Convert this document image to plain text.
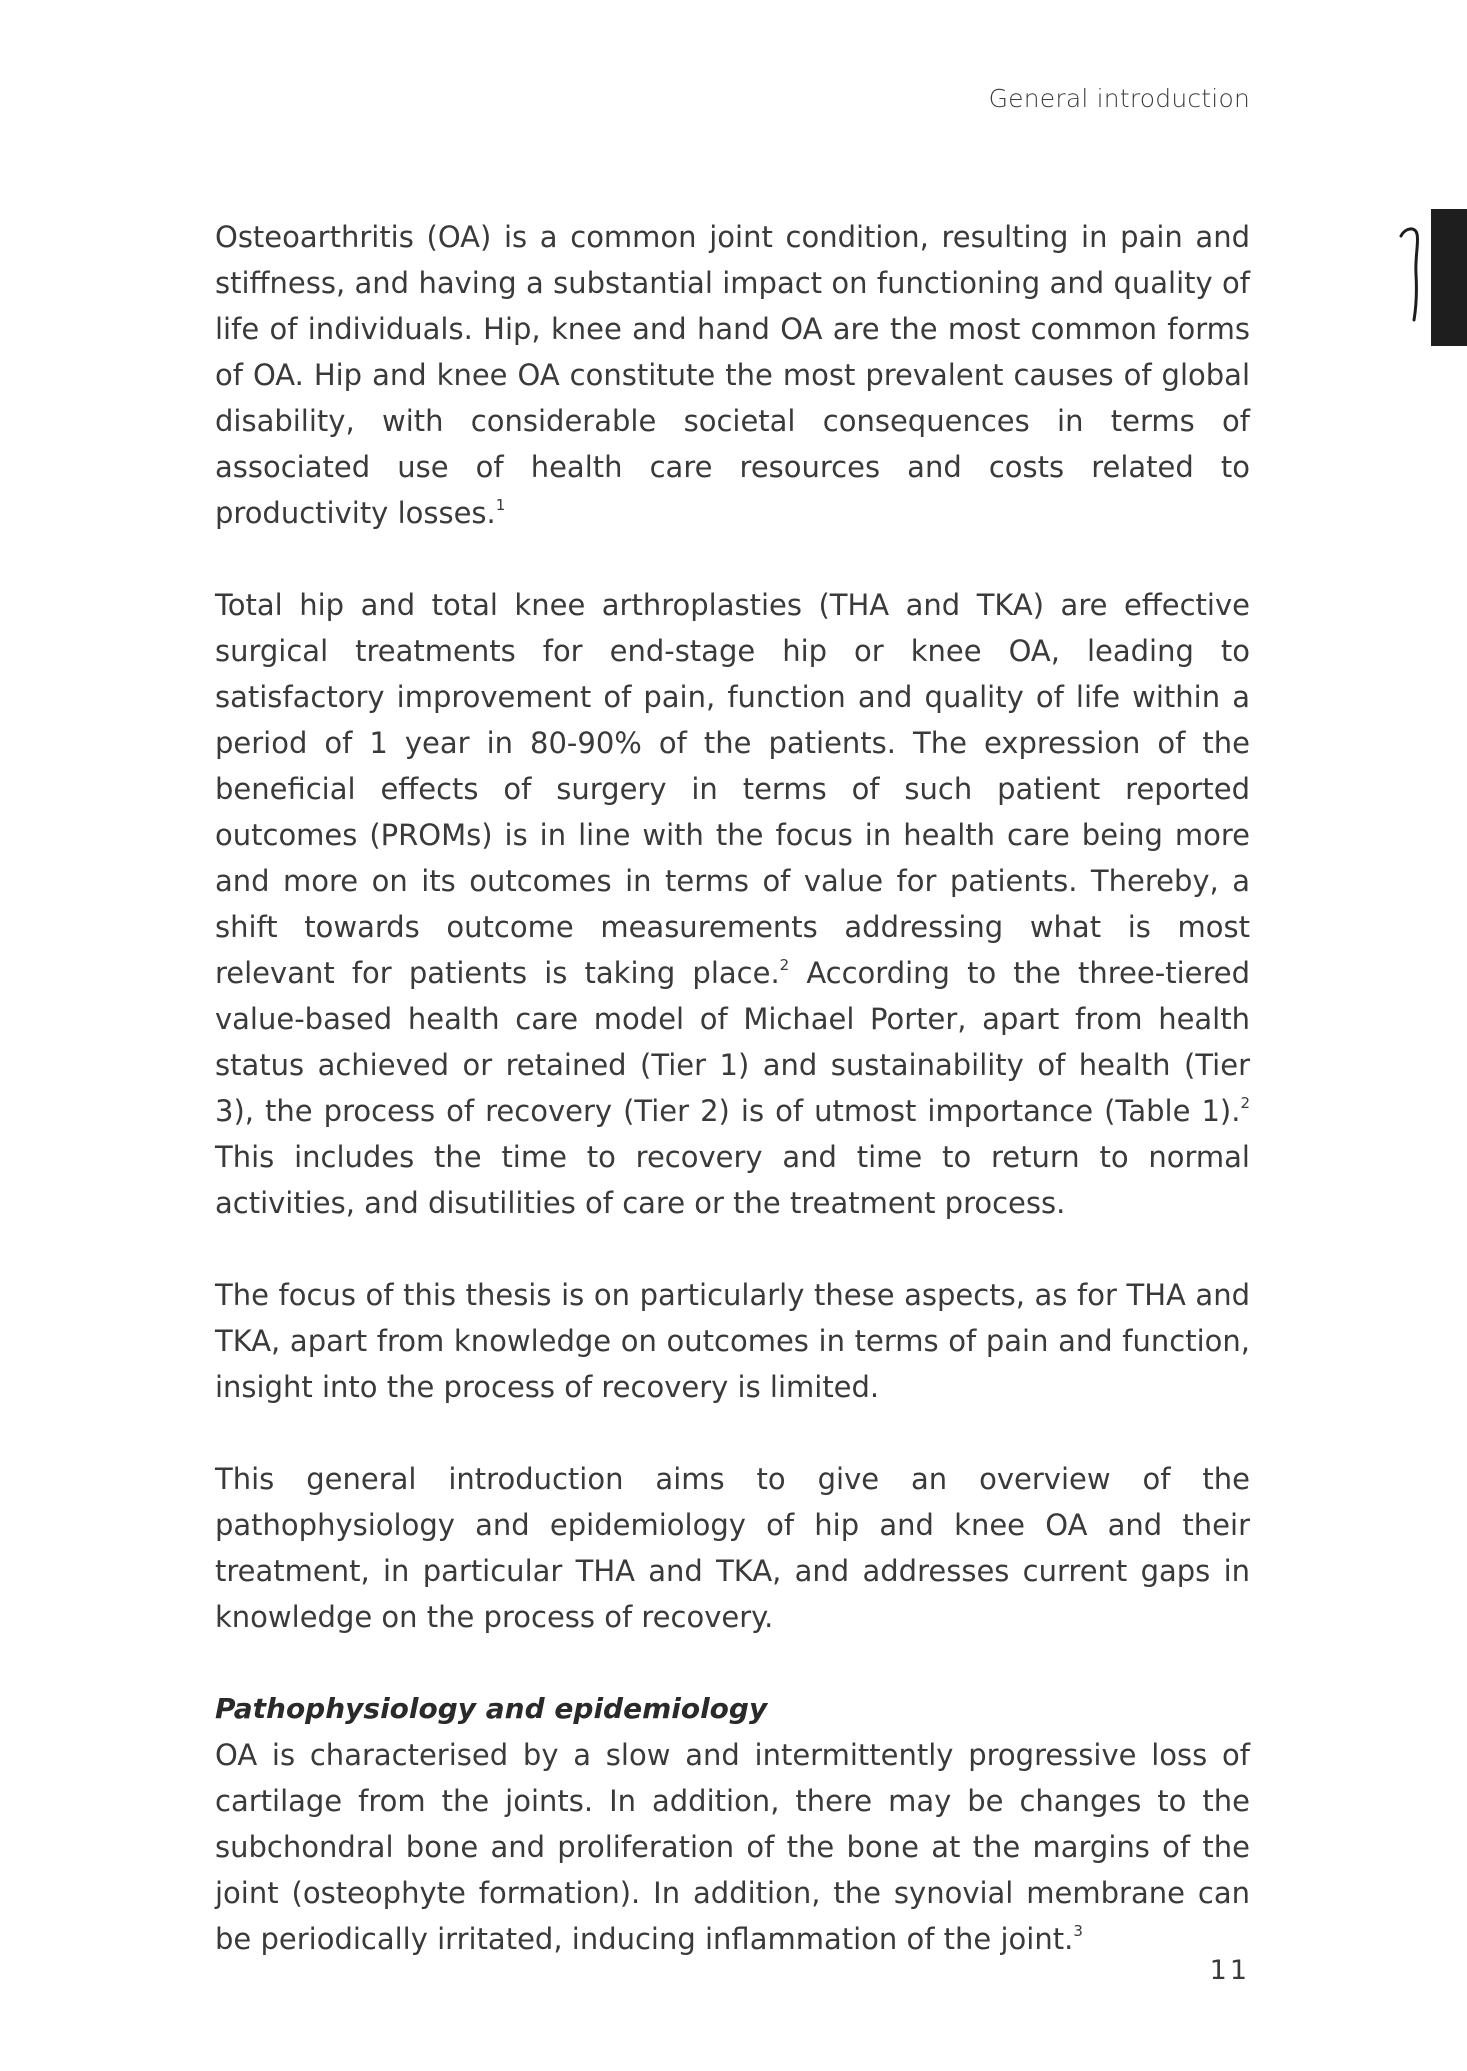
General introduction

Osteoarthritis (OA) is a common joint condition, resulting in pain and stiffness, and having a substantial impact on functioning and quality of life of individuals. Hip, knee and hand OA are the most common forms of OA. Hip and knee OA constitute the most prevalent causes of global disability, with considerable societal consequences in terms of associated use of health care resources and costs related to productivity losses.$^1$

Total hip and total knee arthroplasties (THA and TKA) are effective surgical treatments for end-stage hip or knee OA, leading to satisfactory improvement of pain, function and quality of life within a period of 1 year in 80-90% of the patients. The expression of the beneficial effects of surgery in terms of such patient reported outcomes (PROMs) is in line with the focus in health care being more and more on its outcomes in terms of value for patients. Thereby, a shift towards outcome measurements addressing what is most relevant for patients is taking place.$^2$ According to the three-tiered value-based health care model of Michael Porter, apart from health status achieved or retained (Tier 1) and sustainability of health (Tier 3), the process of recovery (Tier 2) is of utmost importance (Table 1).$^2$ This includes the time to recovery and time to return to normal activities, and disutilities of care or the treatment process.

The focus of this thesis is on particularly these aspects, as for THA and TKA, apart from knowledge on outcomes in terms of pain and function, insight into the process of recovery is limited.

This general introduction aims to give an overview of the pathophysiology and epidemiology of hip and knee OA and their treatment, in particular THA and TKA, and addresses current gaps in knowledge on the process of recovery.

Pathophysiology and epidemiology

OA is characterised by a slow and intermittently progressive loss of cartilage from the joints. In addition, there may be changes to the subchondral bone and proliferation of the bone at the margins of the joint (osteophyte formation). In addition, the synovial membrane can be periodically irritated, inducing inflammation of the joint.$^3$

11
